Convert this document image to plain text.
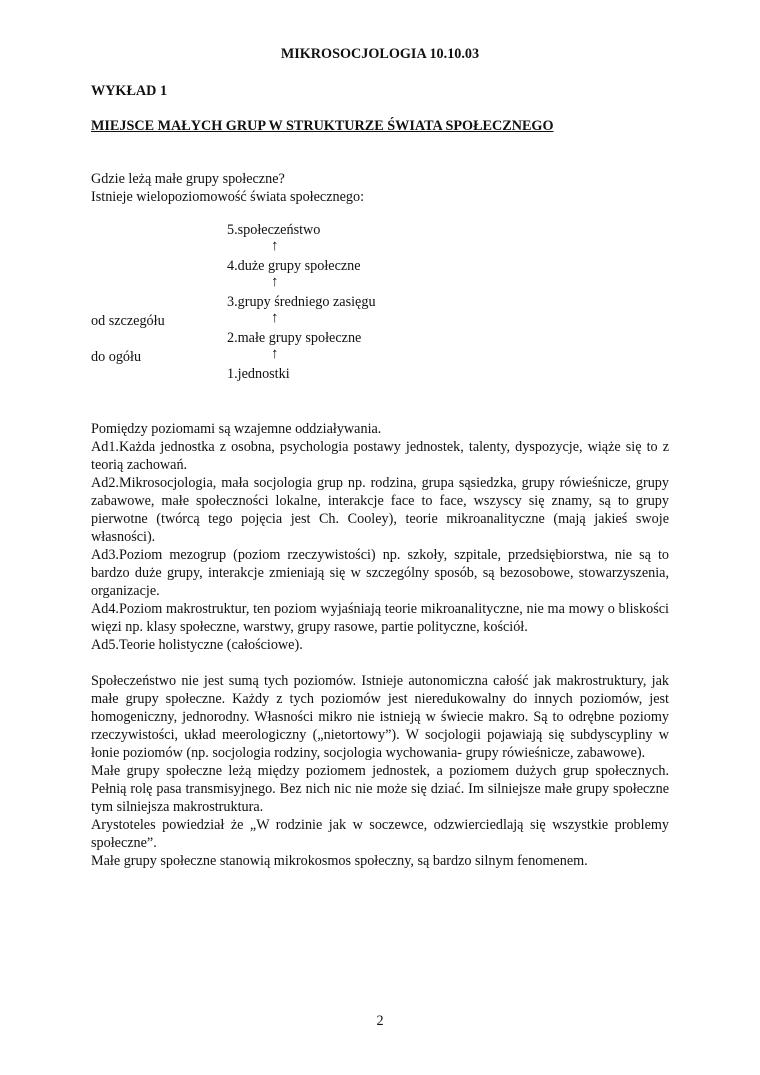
MIKROSOCJOLOGIA 10.10.03
WYKŁAD 1
MIEJSCE MAŁYCH GRUP W STRUKTURZE ŚWIATA SPOŁECZNEGO
Gdzie leżą małe grupy społeczne?
Istnieje wielopoziomowość świata społecznego:
5.społeczeństwo
↑
4.duże grupy społeczne
↑
3.grupy średniego zasięgu
↑
2.małe grupy społeczne
↑
1.jednostki
od szczegółu
do ogółu

Pomiędzy poziomami są wzajemne oddziaływania.

Ad1.Każda jednostka z osobna, psychologia postawy jednostek, talenty, dyspozycje, wiąże się to z teorią zachowań.

Ad2.Mikrosocjologia, mała socjologia grup np. rodzina, grupa sąsiedzka, grupy rówieśnicze, grupy zabawowe, małe społeczności lokalne, interakcje face to face, wszyscy się znamy, są to grupy pierwotne (twórcą tego pojęcia jest Ch. Cooley), teorie mikroanalityczne (mają jakieś swoje własności).

Ad3.Poziom mezogrup (poziom rzeczywistości) np. szkoły, szpitale, przedsiębiorstwa, nie są to bardzo duże grupy, interakcje zmieniają się w szczególny sposób, są bezosobowe, stowarzyszenia, organizacje.

Ad4.Poziom makrostruktur, ten poziom wyjaśniają teorie mikroanalityczne, nie ma mowy o bliskości więzi np. klasy społeczne, warstwy, grupy rasowe, partie polityczne, kościół.

Ad5.Teorie holistyczne (całościowe).

Społeczeństwo nie jest sumą tych poziomów. Istnieje autonomiczna całość jak makrostruktury, jak małe grupy społeczne. Każdy z tych poziomów jest nieredukowalny do innych poziomów, jest homogeniczny, jednorodny. Własności mikro nie istnieją w świecie makro. Są to odrębne poziomy rzeczywistości, układ meerologiczny („nietortowy”). W socjologii pojawiają się subdyscypliny w łonie poziomów (np. socjologia rodziny, socjologia wychowania- grupy rówieśnicze, zabawowe).

Małe grupy społeczne leżą między poziomem jednostek, a poziomem dużych grup społecznych. Pełnią rolę pasa transmisyjnego. Bez nich nic nie może się dziać. Im silniejsze małe grupy społeczne tym silniejsza makrostruktura.

Arystoteles powiedział że „W rodzinie jak w soczewce, odzwierciedlają się wszystkie problemy społeczne”.

Małe grupy społeczne stanowią mikrokosmos społeczny, są bardzo silnym fenomenem.

2
